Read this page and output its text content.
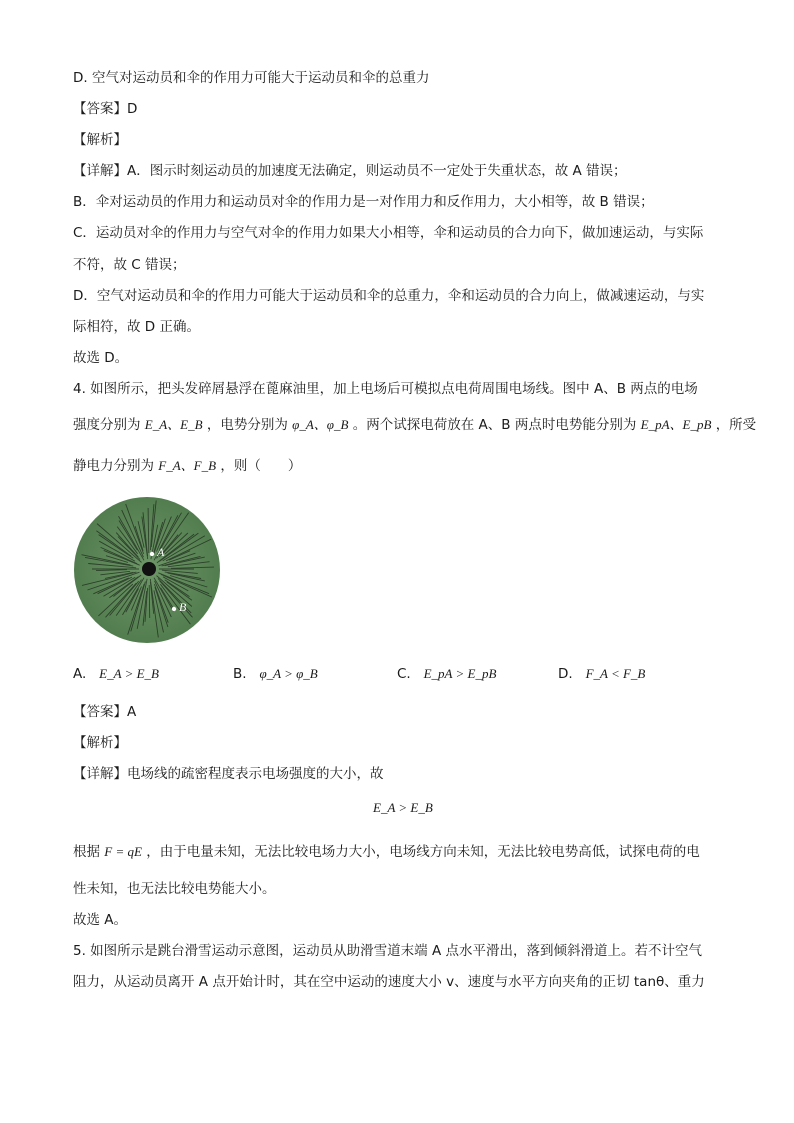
D. 空气对运动员和伞的作用力可能大于运动员和伞的总重力
【答案】D
【解析】
【详解】A．图示时刻运动员的加速度无法确定，则运动员不一定处于失重状态，故 A 错误；
B．伞对运动员的作用力和运动员对伞的作用力是一对作用力和反作用力，大小相等，故 B 错误；
C．运动员对伞的作用力与空气对伞的作用力如果大小相等，伞和运动员的合力向下，做加速运动，与实际
不符，故 C 错误；
D．空气对运动员和伞的作用力可能大于运动员和伞的总重力，伞和运动员的合力向上，做减速运动，与实
际相符，故 D 正确。
故选 D。
4. 如图所示，把头发碎屑悬浮在蓖麻油里，加上电场后可模拟点电荷周围电场线。图中 A、B 两点的电场
强度分别为 E_A、E_B ，电势分别为 φ_A、φ_B 。两个试探电荷放在 A、B 两点时电势能分别为 E_pA、E_pB ，所受
静电力分别为 F_A、F_B ，则（　　）
A
B
A. E_A > E_B	B. φ_A > φ_B	C. E_pA > E_pB	D. F_A < F_B
【答案】A
【解析】
【详解】电场线的疏密程度表示电场强度的大小，故
E_A > E_B
根据 F = qE ，由于电量未知，无法比较电场力大小，电场线方向未知，无法比较电势高低，试探电荷的电
性未知，也无法比较电势能大小。
故选 A。
5. 如图所示是跳台滑雪运动示意图，运动员从助滑雪道末端 A 点水平滑出，落到倾斜滑道上。若不计空气
阻力，从运动员离开 A 点开始计时，其在空中运动的速度大小 v、速度与水平方向夹角的正切 tanθ、重力
